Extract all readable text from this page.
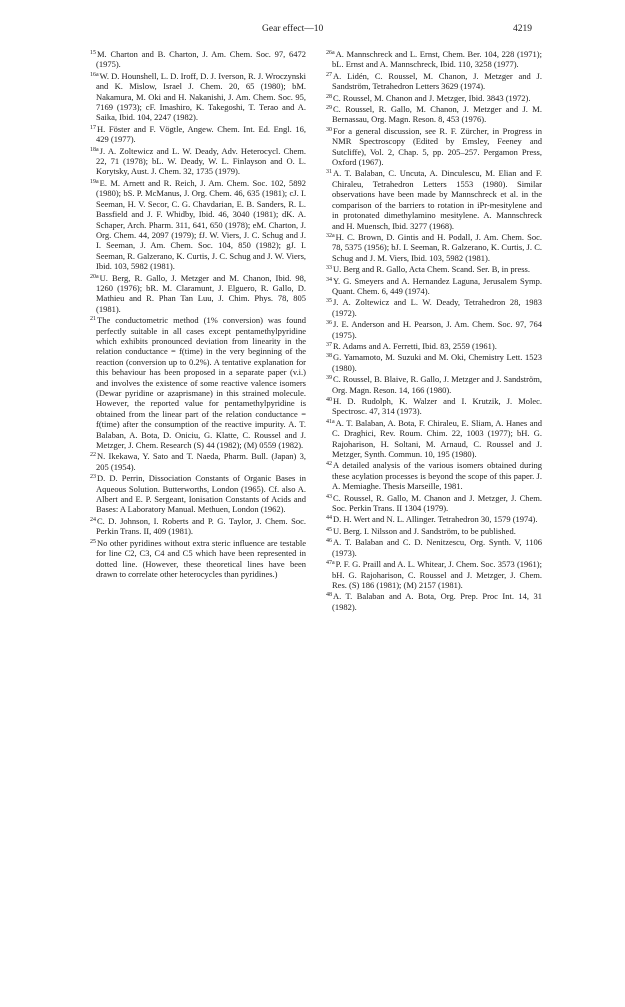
Gear effect—10	4219

$^{15}$M. Charton and B. Charton, J. Am. Chem. Soc. 97, 6472 (1975).

$^{16a}$W. D. Hounshell, L. D. Iroff, D. J. Iverson, R. J. Wroczynski and K. Mislow, Israel J. Chem. 20, 65 (1980); bM. Nakamura, M. Oki and H. Nakanishi, J. Am. Chem. Soc. 95, 7169 (1973); cF. Imashiro, K. Takegoshi, T. Terao and A. Saika, Ibid. 104, 2247 (1982).

$^{17}$H. Föster and F. Vögtle, Angew. Chem. Int. Ed. Engl. 16, 429 (1977).

$^{18a}$J. A. Zoltewicz and L. W. Deady, Adv. Heterocycl. Chem. 22, 71 (1978); bL. W. Deady, W. L. Finlayson and O. L. Korytsky, Aust. J. Chem. 32, 1735 (1979).

$^{19a}$E. M. Arnett and R. Reich, J. Am. Chem. Soc. 102, 5892 (1980); bS. P. McManus, J. Org. Chem. 46, 635 (1981); cJ. I. Seeman, H. V. Secor, C. G. Chavdarian, E. B. Sanders, R. L. Bassfield and J. F. Whidby, Ibid. 46, 3040 (1981); dK. A. Schaper, Arch. Pharm. 311, 641, 650 (1978); eM. Charton, J. Org. Chem. 44, 2097 (1979); fJ. W. Viers, J. C. Schug and J. I. Seeman, J. Am. Chem. Soc. 104, 850 (1982); gJ. I. Seeman, R. Galzerano, K. Curtis, J. C. Schug and J. W. Viers, Ibid. 103, 5982 (1981).

$^{20a}$U. Berg, R. Gallo, J. Metzger and M. Chanon, Ibid. 98, 1260 (1976); bR. M. Claramunt, J. Elguero, R. Gallo, D. Mathieu and R. Phan Tan Luu, J. Chim. Phys. 78, 805 (1981).

$^{21}$The conductometric method (1% conversion) was found perfectly suitable in all cases except pentamethylpyridine which exhibits pronounced deviation from linearity in the relation conductance = f(time) in the very beginning of the reaction (conversion up to 0.2%). A tentative explanation for this behaviour has been proposed in a separate paper (v.i.) and involves the existence of some reactive valence isomers (Dewar pyridine or azaprismane) in this strained molecule. However, the reported value for pentamethylpyridine is obtained from the linear part of the relation conductance = f(time) after the consumption of the reactive impurity. A. T. Balaban, A. Bota, D. Oniciu, G. Klatte, C. Roussel and J. Metzger, J. Chem. Research (S) 44 (1982); (M) 0559 (1982).

$^{22}$N. Ikekawa, Y. Sato and T. Naeda, Pharm. Bull. (Japan) 3, 205 (1954).

$^{23}$D. D. Perrin, Dissociation Constants of Organic Bases in Aqueous Solution. Butterworths, London (1965). Cf. also A. Albert and E. P. Sergeant, Ionisation Constants of Acids and Bases: A Laboratory Manual. Methuen, London (1962).

$^{24}$C. D. Johnson, I. Roberts and P. G. Taylor, J. Chem. Soc. Perkin Trans. II, 409 (1981).

$^{25}$No other pyridines without extra steric influence are testable for line C2, C3, C4 and C5 which have been represented in dotted line. (However, these theoretical lines have been drawn to correlate other heterocycles than pyridines.)

$^{26a}$A. Mannschreck and L. Ernst, Chem. Ber. 104, 228 (1971); bL. Ernst and A. Mannschreck, Ibid. 110, 3258 (1977).

$^{27}$A. Lidén, C. Roussel, M. Chanon, J. Metzger and J. Sandström, Tetrahedron Letters 3629 (1974).

$^{28}$C. Roussel, M. Chanon and J. Metzger, Ibid. 3843 (1972).

$^{29}$C. Roussel, R. Gallo, M. Chanon, J. Metzger and J. M. Bernassau, Org. Magn. Reson. 8, 453 (1976).

$^{30}$For a general discussion, see R. F. Zürcher, in Progress in NMR Spectroscopy (Edited by Emsley, Feeney and Sutcliffe), Vol. 2, Chap. 5, pp. 205–257. Pergamon Press, Oxford (1967).

$^{31}$A. T. Balaban, C. Uncuta, A. Dinculescu, M. Elian and F. Chiraleu, Tetrahedron Letters 1553 (1980). Similar observations have been made by Mannschreck et al. in the comparison of the barriers to rotation in iPr-mesitylene and in protonated dimethylamino mesitylene. A. Mannschreck and H. Muensch, Ibid. 3277 (1968).

$^{32a}$H. C. Brown, D. Gintis and H. Podall, J. Am. Chem. Soc. 78, 5375 (1956); bJ. I. Seeman, R. Galzerano, K. Curtis, J. C. Schug and J. M. Viers, Ibid. 103, 5982 (1981).

$^{33}$U. Berg and R. Gallo, Acta Chem. Scand. Ser. B, in press.

$^{34}$Y. G. Smeyers and A. Hernandez Laguna, Jerusalem Symp. Quant. Chem. 6, 449 (1974).

$^{35}$J. A. Zoltewicz and L. W. Deady, Tetrahedron 28, 1983 (1972).

$^{36}$J. E. Anderson and H. Pearson, J. Am. Chem. Soc. 97, 764 (1975).

$^{37}$R. Adams and A. Ferretti, Ibid. 83, 2559 (1961).

$^{38}$G. Yamamoto, M. Suzuki and M. Oki, Chemistry Lett. 1523 (1980).

$^{39}$C. Roussel, B. Blaive, R. Gallo, J. Metzger and J. Sandström, Org. Magn. Reson. 14, 166 (1980).

$^{40}$H. D. Rudolph, K. Walzer and I. Krutzik, J. Molec. Spectrosc. 47, 314 (1973).

$^{41a}$A. T. Balaban, A. Bota, F. Chiraleu, E. Sliam, A. Hanes and C. Draghici, Rev. Roum. Chim. 22, 1003 (1977); bH. G. Rajoharison, H. Soltani, M. Arnaud, C. Roussel and J. Metzger, Synth. Commun. 10, 195 (1980).

$^{42}$A detailed analysis of the various isomers obtained during these acylation processes is beyond the scope of this paper. J. A. Memiaghe. Thesis Marseille, 1981.

$^{43}$C. Roussel, R. Gallo, M. Chanon and J. Metzger, J. Chem. Soc. Perkin Trans. II 1304 (1979).

$^{44}$D. H. Wert and N. L. Allinger. Tetrahedron 30, 1579 (1974).

$^{45}$U. Berg. I. Nilsson and J. Sandström, to be published.

$^{46}$A. T. Balaban and C. D. Nenitzescu, Org. Synth. V, 1106 (1973).

$^{47a}$P. F. G. Praill and A. L. Whitear, J. Chem. Soc. 3573 (1961); bH. G. Rajoharison, C. Roussel and J. Metzger, J. Chem. Res. (S) 186 (1981); (M) 2157 (1981).

$^{48}$A. T. Balaban and A. Bota, Org. Prep. Proc Int. 14, 31 (1982).
